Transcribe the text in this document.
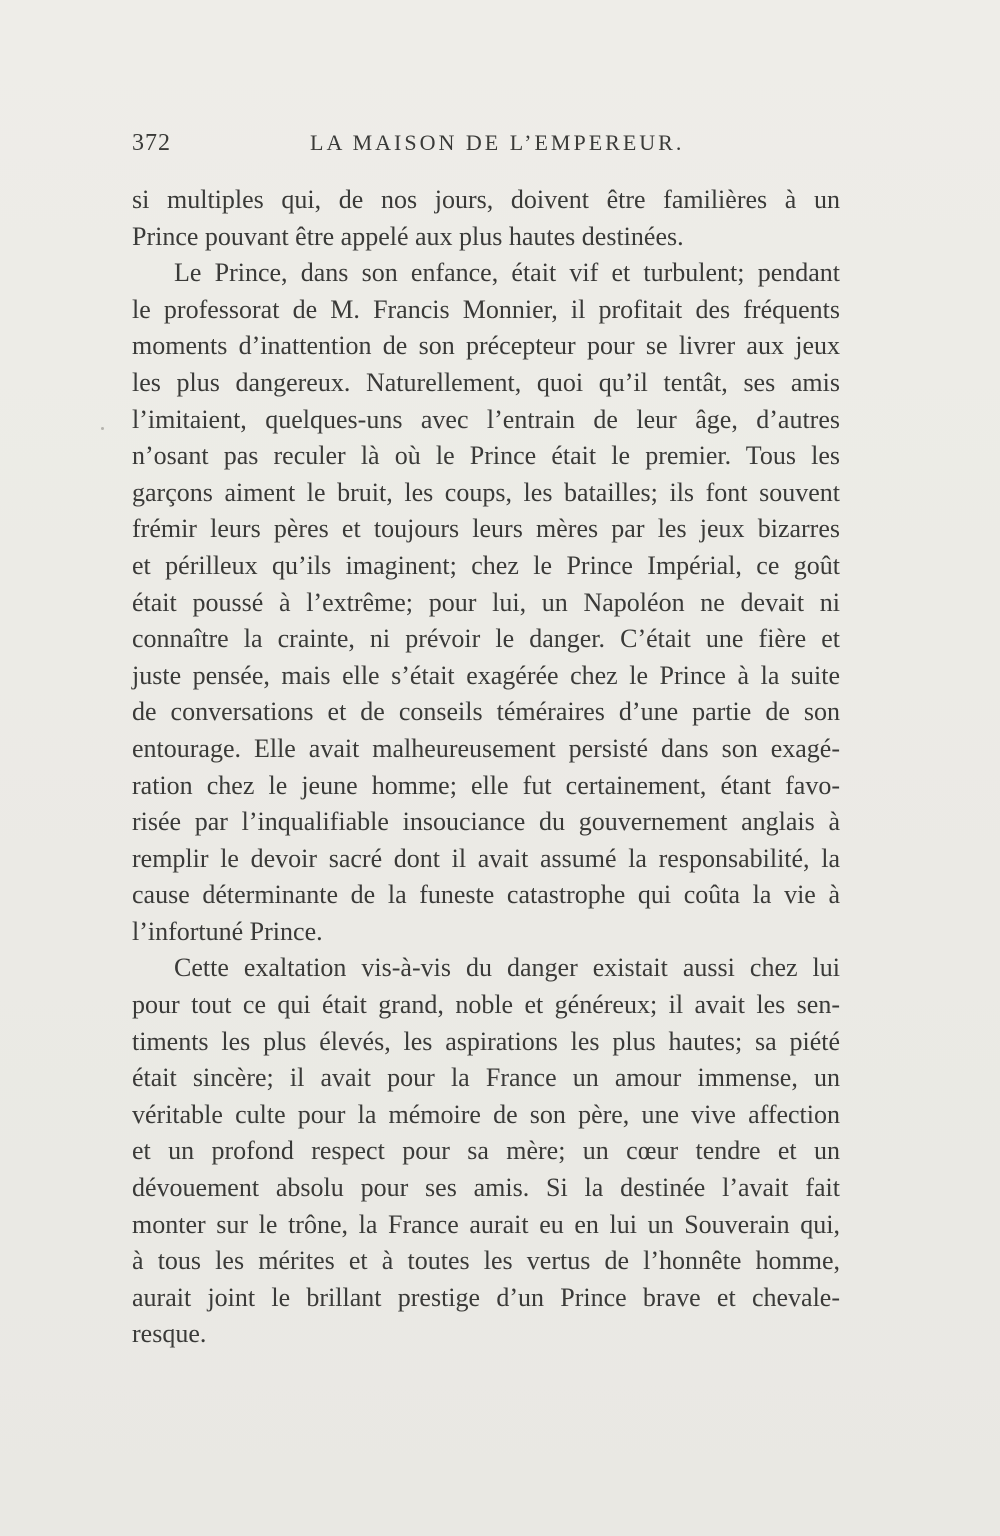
372	LA MAISON DE L’EMPEREUR.
si multiples qui, de nos jours, doivent être familières à un
Prince pouvant être appelé aux plus hautes destinées.
Le Prince, dans son enfance, était vif et turbulent; pendant
le professorat de M. Francis Monnier, il profitait des fréquents
moments d’inattention de son précepteur pour se livrer aux jeux
les plus dangereux. Naturellement, quoi qu’il tentât, ses amis
l’imitaient, quelques-uns avec l’entrain de leur âge, d’autres
n’osant pas reculer là où le Prince était le premier. Tous les
garçons aiment le bruit, les coups, les batailles; ils font souvent
frémir leurs pères et toujours leurs mères par les jeux bizarres
et périlleux qu’ils imaginent; chez le Prince Impérial, ce goût
était poussé à l’extrême; pour lui, un Napoléon ne devait ni
connaître la crainte, ni prévoir le danger. C’était une fière et
juste pensée, mais elle s’était exagérée chez le Prince à la suite
de conversations et de conseils téméraires d’une partie de son
entourage. Elle avait malheureusement persisté dans son exagé-
ration chez le jeune homme; elle fut certainement, étant favo-
risée par l’inqualifiable insouciance du gouvernement anglais à
remplir le devoir sacré dont il avait assumé la responsabilité, la
cause déterminante de la funeste catastrophe qui coûta la vie à
l’infortuné Prince.
Cette exaltation vis-à-vis du danger existait aussi chez lui
pour tout ce qui était grand, noble et généreux; il avait les sen-
timents les plus élevés, les aspirations les plus hautes; sa piété
était sincère; il avait pour la France un amour immense, un
véritable culte pour la mémoire de son père, une vive affection
et un profond respect pour sa mère; un cœur tendre et un
dévouement absolu pour ses amis. Si la destinée l’avait fait
monter sur le trône, la France aurait eu en lui un Souverain qui,
à tous les mérites et à toutes les vertus de l’honnête homme,
aurait joint le brillant prestige d’un Prince brave et chevale-
resque.
